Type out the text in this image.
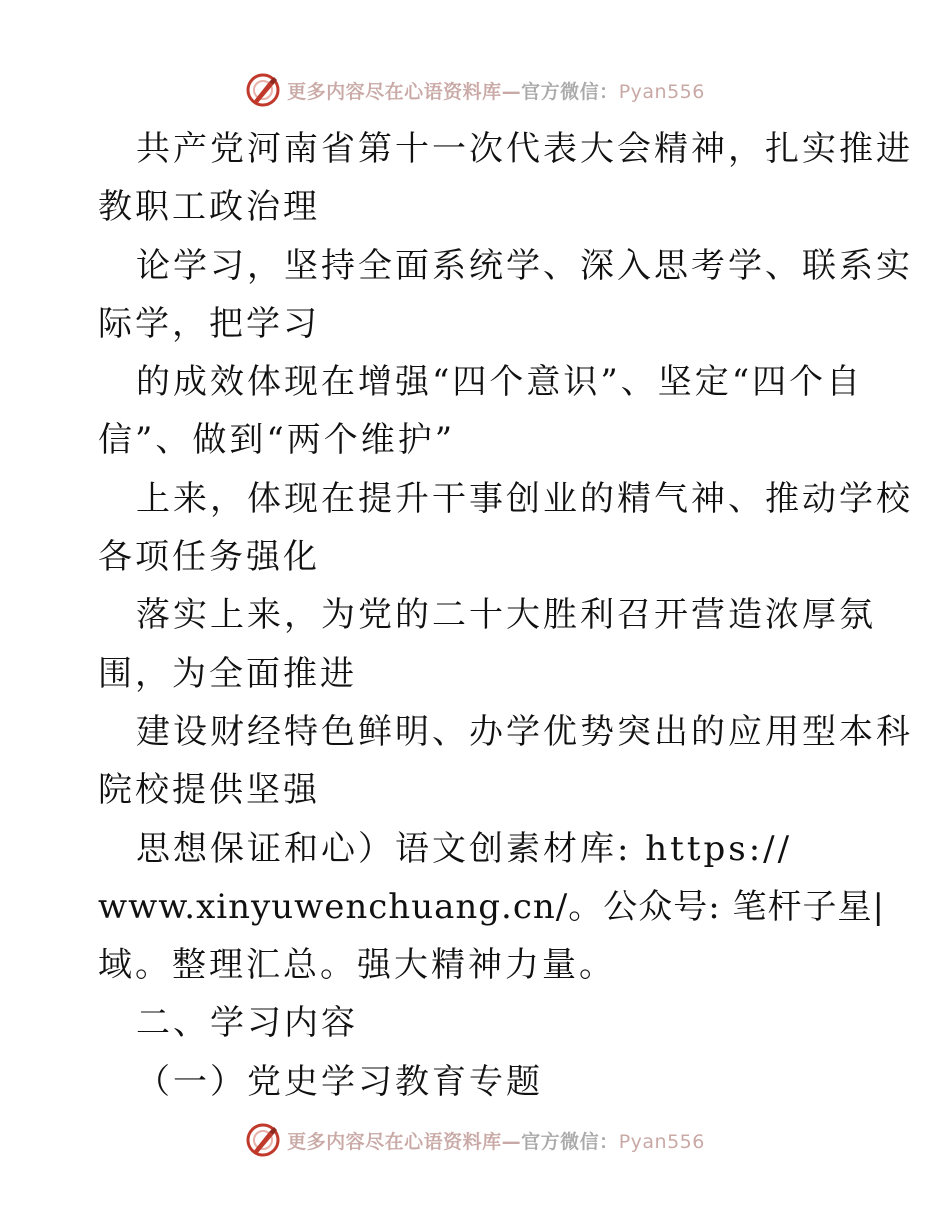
更多内容尽在心语资料库—官方微信：Pyan556
共产党河南省第十一次代表大会精神，扎实推进
教职工政治理
论学习，坚持全面系统学、深入思考学、联系实
际学，把学习
的成效体现在增强“四个意识”、坚定“四个自
信”、做到“两个维护”
上来，体现在提升干事创业的精气神、推动学校
各项任务强化
落实上来，为党的二十大胜利召开营造浓厚氛
围，为全面推进
建设财经特色鲜明、办学优势突出的应用型本科
院校提供坚强
思想保证和心）语文创素材库: https://
www.xinyuwenchuang.cn/。公众号: 笔杆子星|
域。整理汇总。强大精神力量。
二、学习内容
（一）党史学习教育专题
更多内容尽在心语资料库—官方微信：Pyan556
